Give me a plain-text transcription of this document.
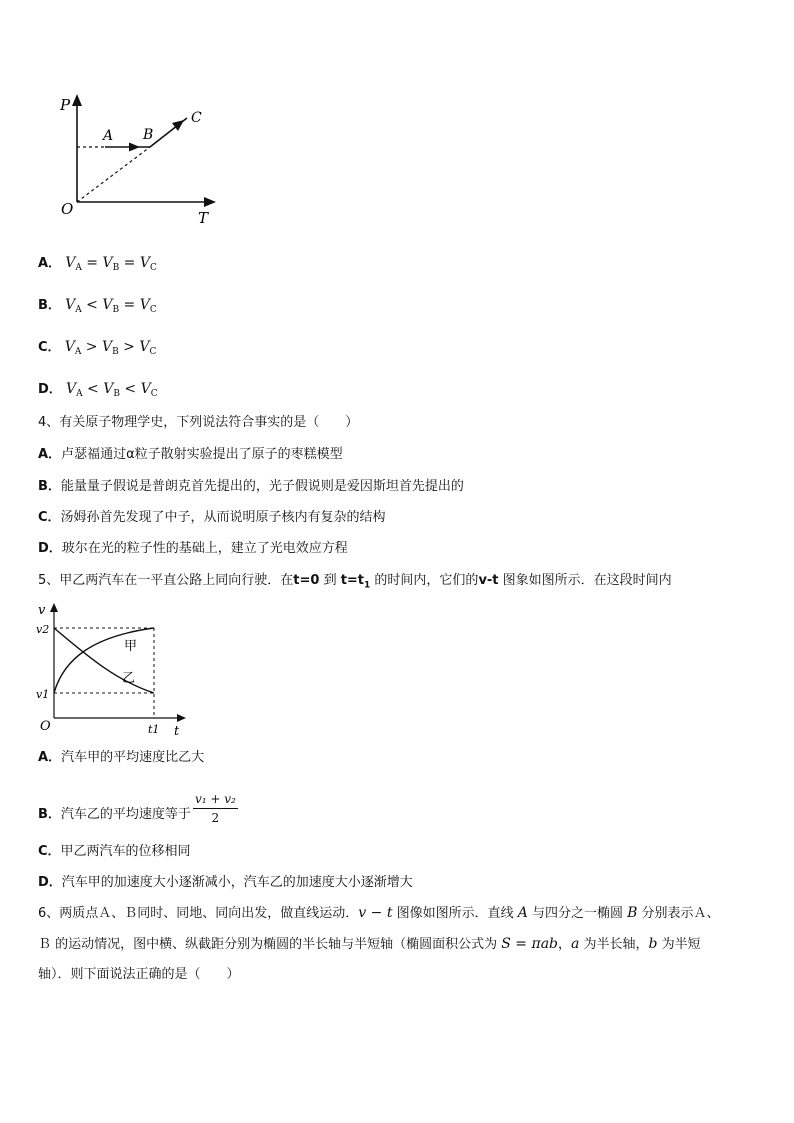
P
T
O
A B
C
A． $V_A = V_B = V_C$
B． $V_A < V_B = V_C$
C． $V_A > V_B > V_C$
D． $V_A < V_B < V_C$
4、有关原子物理学史，下列说法符合事实的是（　　）
A．卢瑟福通过α粒子散射实验提出了原子的枣糕模型
B．能量量子假说是普朗克首先提出的，光子假说则是爱因斯坦首先提出的
C．汤姆孙首先发现了中子，从而说明原子核内有复杂的结构
D．玻尔在光的粒子性的基础上，建立了光电效应方程
5、甲乙两汽车在一平直公路上同向行驶．在t=0 到 $t=t_1$ 的时间内，它们的v-t 图象如图所示．在这段时间内
v
t
O
v2
v1
t1
甲
乙
A．汽车甲的平均速度比乙大
B．汽车乙的平均速度等于 $\frac{\text{v₁ + v₂}}{2}$
C．甲乙两汽车的位移相同
D．汽车甲的加速度大小逐渐减小，汽车乙的加速度大小逐渐增大
6、两质点Ａ、Ｂ同时、同地、同向出发，做直线运动．v − t 图像如图所示．直线 A 与四分之一椭圆 B 分别表示Ａ、
Ｂ 的运动情况，图中横、纵截距分别为椭圆的半长轴与半短轴（椭圆面积公式为 S = πab，a 为半长轴，b 为半短
轴）．则下面说法正确的是（　　）
